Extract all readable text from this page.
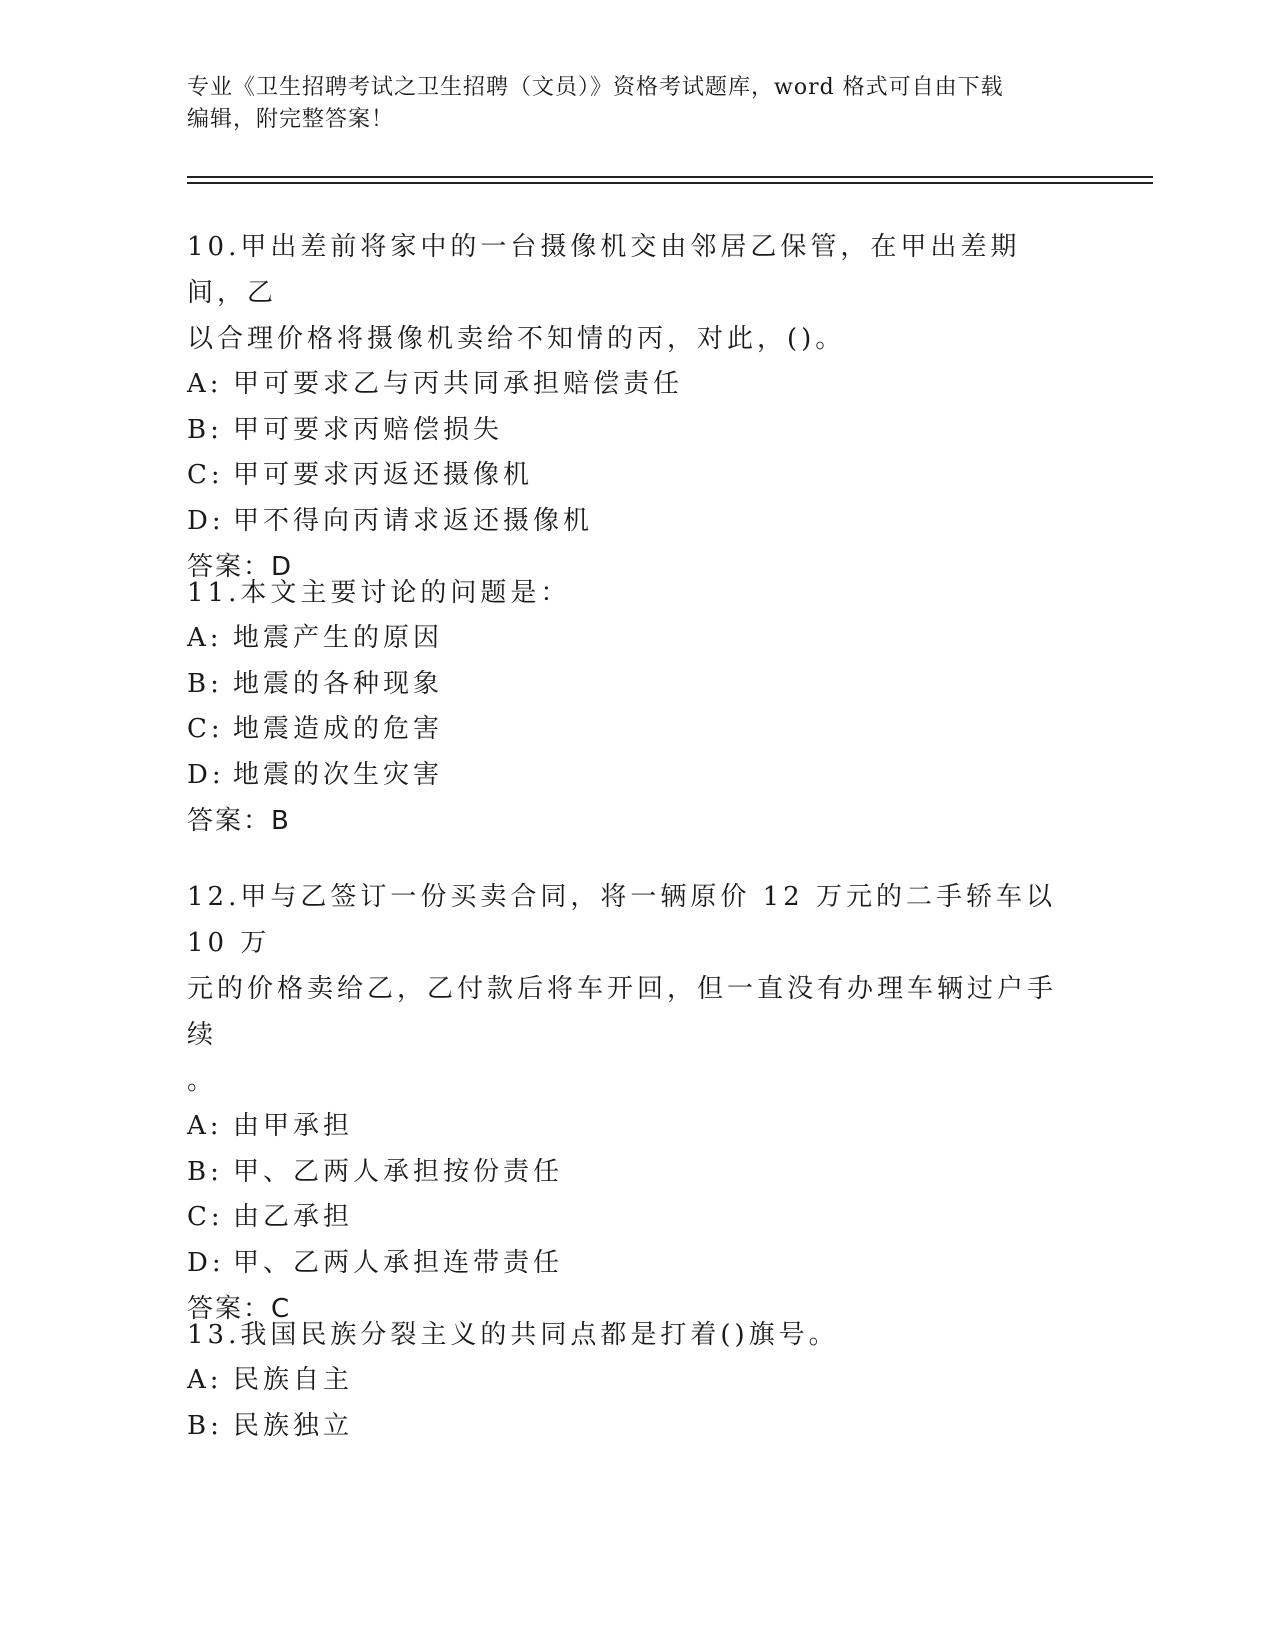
专业《卫生招聘考试之卫生招聘（文员）》资格考试题库，word 格式可自由下载
编辑，附完整答案！

10.甲出差前将家中的一台摄像机交由邻居乙保管，在甲出差期间，乙

以合理价格将摄像机卖给不知情的丙，对此，()。

A: 甲可要求乙与丙共同承担赔偿责任

B: 甲可要求丙赔偿损失

C: 甲可要求丙返还摄像机

D: 甲不得向丙请求返还摄像机

答案：D

11.本文主要讨论的问题是：

A: 地震产生的原因

B: 地震的各种现象

C: 地震造成的危害

D: 地震的次生灾害

答案：B

12.甲与乙签订一份买卖合同，将一辆原价 12 万元的二手轿车以 10 万

元的价格卖给乙，乙付款后将车开回，但一直没有办理车辆过户手续

。

A: 由甲承担

B: 甲、乙两人承担按份责任

C: 由乙承担

D: 甲、乙两人承担连带责任

答案：C

13.我国民族分裂主义的共同点都是打着()旗号。

A: 民族自主

B: 民族独立
